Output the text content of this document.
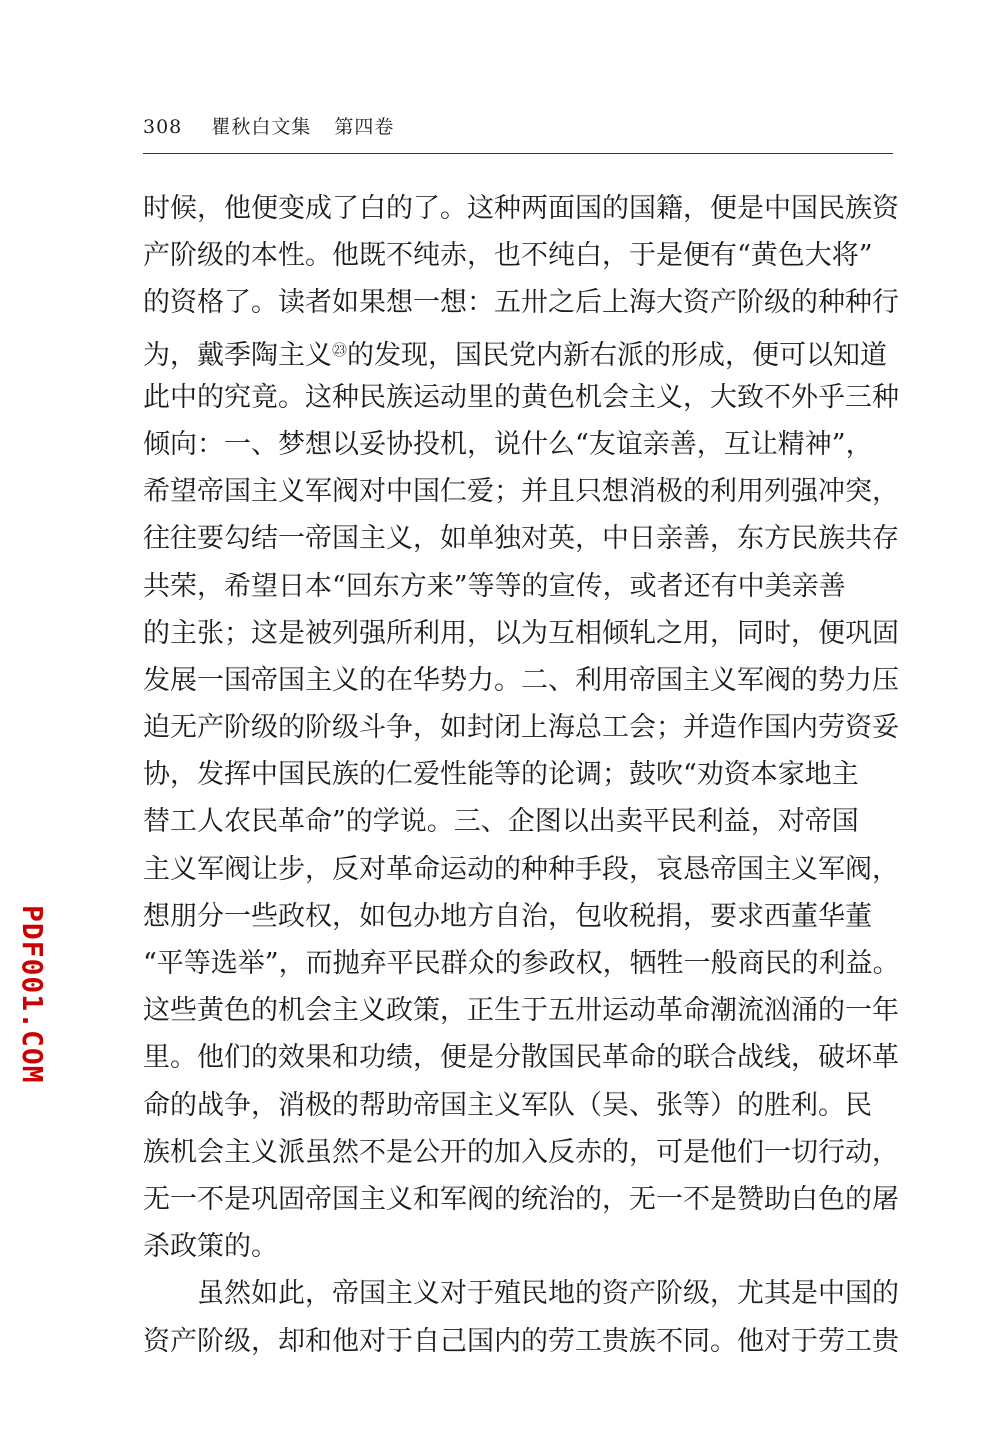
308 瞿秋白文集 第四卷
时候，他便变成了白的了。这种两面国的国籍，便是中国民族资
产阶级的本性。他既不纯赤，也不纯白，于是便有“黄色大将”
的资格了。读者如果想一想：五卅之后上海大资产阶级的种种行
为，戴季陶主义$^㉓$的发现，国民党内新右派的形成，便可以知道
此中的究竟。这种民族运动里的黄色机会主义，大致不外乎三种
倾向：一、梦想以妥协投机，说什么“友谊亲善，互让精神”，
希望帝国主义军阀对中国仁爱；并且只想消极的利用列强冲突，
往往要勾结一帝国主义，如单独对英，中日亲善，东方民族共存
共荣，希望日本“回东方来”等等的宣传，或者还有中美亲善
的主张；这是被列强所利用，以为互相倾轧之用，同时，便巩固
发展一国帝国主义的在华势力。二、利用帝国主义军阀的势力压
迫无产阶级的阶级斗争，如封闭上海总工会；并造作国内劳资妥
协，发挥中国民族的仁爱性能等的论调；鼓吹“劝资本家地主
替工人农民革命”的学说。三、企图以出卖平民利益，对帝国
主义军阀让步，反对革命运动的种种手段，哀恳帝国主义军阀，
想朋分一些政权，如包办地方自治，包收税捐，要求西董华董
“平等选举”，而抛弃平民群众的参政权，牺牲一般商民的利益。
这些黄色的机会主义政策，正生于五卅运动革命潮流汹涌的一年
里。他们的效果和功绩，便是分散国民革命的联合战线，破坏革
命的战争，消极的帮助帝国主义军队（吴、张等）的胜利。民
族机会主义派虽然不是公开的加入反赤的，可是他们一切行动，
无一不是巩固帝国主义和军阀的统治的，无一不是赞助白色的屠
杀政策的。
虽然如此，帝国主义对于殖民地的资产阶级，尤其是中国的
资产阶级，却和他对于自己国内的劳工贵族不同。他对于劳工贵
PDF001.COM
